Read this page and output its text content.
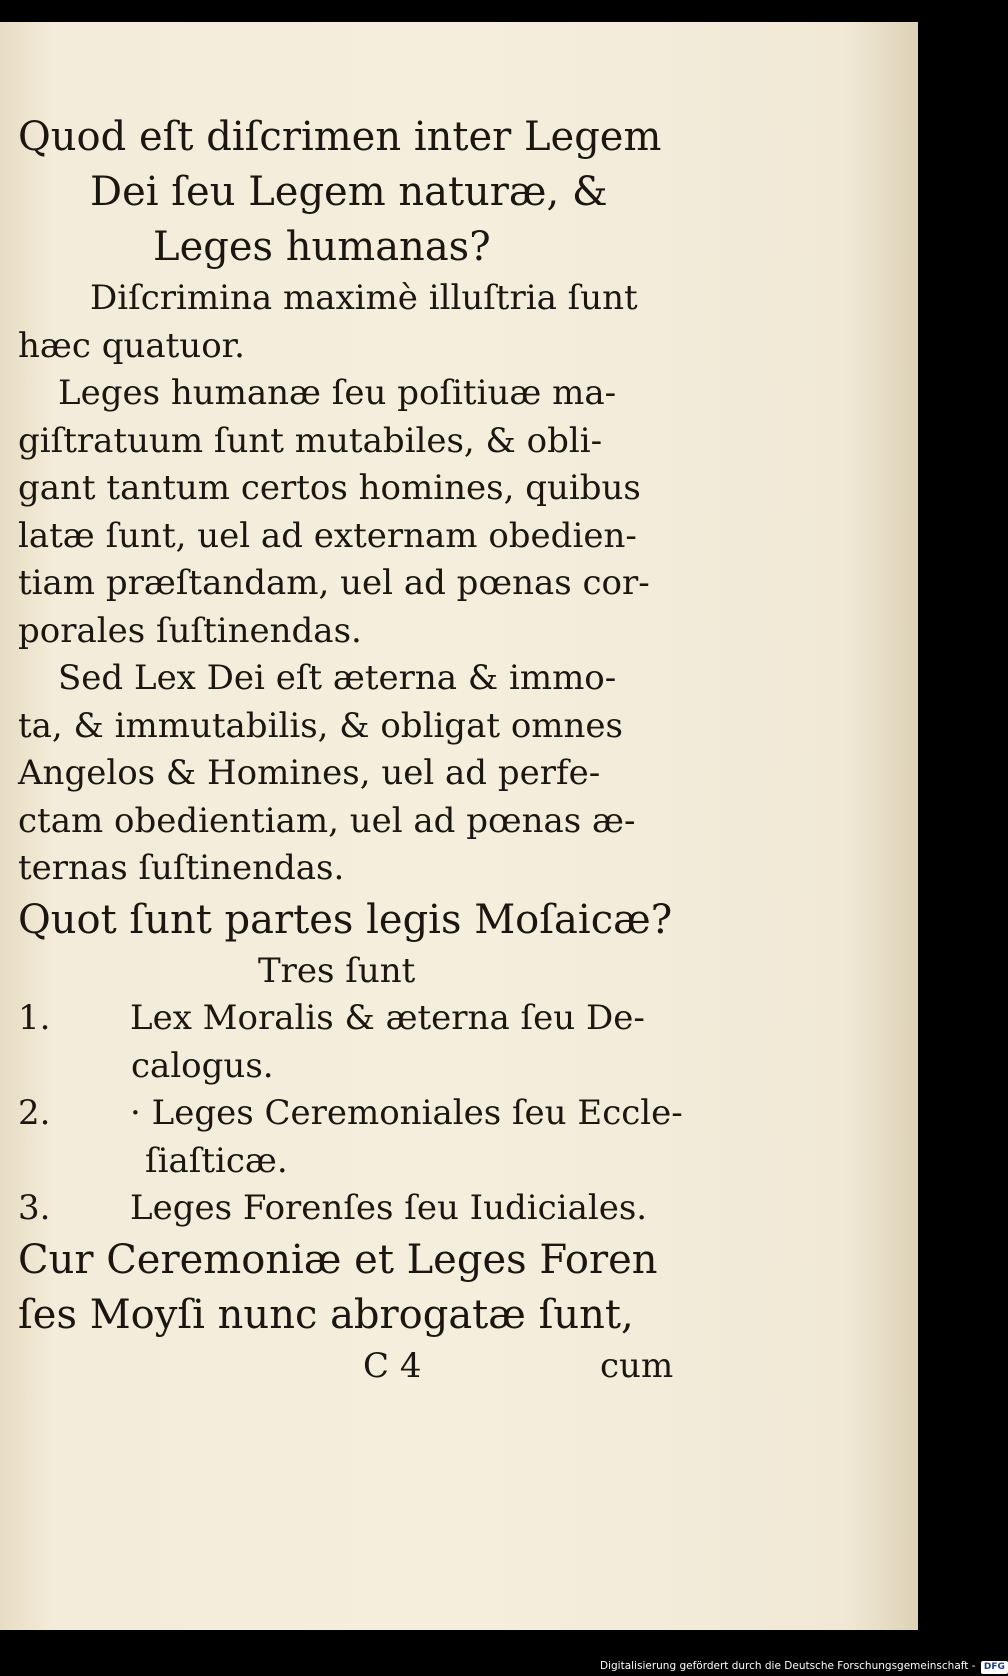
Quod eſt diſcrimen inter Legem
Dei ſeu Legem naturæ, &
Leges humanas?
Diſcrimina maximè illuſtria ſunt
hæc quatuor.
Leges humanæ ſeu poſitiuæ ma-
giſtratuum ſunt mutabiles, & obli-
gant tantum certos homines, quibus
latæ ſunt, uel ad externam obedien-
tiam præſtandam, uel ad pœnas cor-
porales ſuſtinendas.
Sed Lex Dei eſt æterna & immo-
ta, & immutabilis, & obligat omnes
Angelos & Homines, uel ad perfe-
ctam obedientiam, uel ad pœnas æ-
ternas ſuſtinendas.
Quot ſunt partes legis Moſaicæ?
Tres ſunt
1. Lex Moralis & æterna ſeu De-
calogus.
2. · Leges Ceremoniales ſeu Eccle-
ſiaſticæ.
3. Leges Forenſes ſeu Iudiciales.
Cur Ceremoniæ et Leges Foren
ſes Moyſi nunc abrogatæ ſunt,
C 4	cum
Digitalisierung gefördert durch die Deutsche Forschungsgemeinschaft - DFG
